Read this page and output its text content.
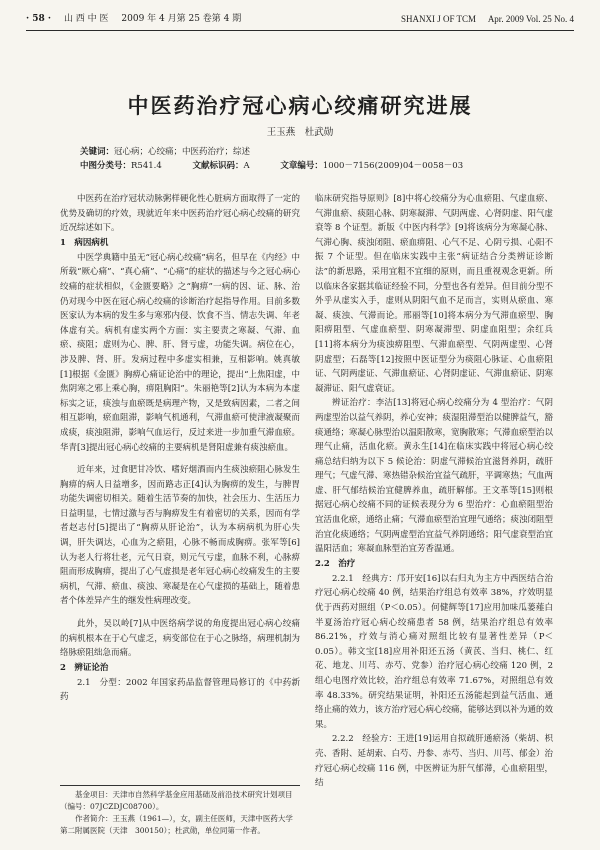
· 58 · 山 西 中 医 2009 年 4 月第 25 卷第 4 期	SHANXI J OF TCM Apr. 2009 Vol. 25 No. 4
中医药治疗冠心病心绞痛研究进展
王玉燕　杜武勋
关键词：冠心病；心绞痛；中医药治疗；综述
中图分类号：R541.4	文献标识码：A	文章编号：1000－7156(2009)04－0058－03

中医药在治疗冠状动脉粥样硬化性心脏病方面取得了一定的优势及确切的疗效，现就近年来中医药治疗冠心病心绞痛的研究近况综述如下。

1　病因病机

中医学典籍中虽无“冠心病心绞痛”病名，但早在《内经》中所载“厥心痛”、“真心痛”、“心痛”的症状的描述与今之冠心病心绞痛的症状相似，《金匮要略》之“胸痹”一病的因、证、脉、治仍对现今中医在冠心病心绞痛的诊断治疗起指导作用。目前多数医家认为本病的发生多与寒邪内侵、饮食不当、情志失调、年老体虚有关。病机有虚实两个方面：实主要责之寒凝、气滞、血瘀、痰阻；虚则为心、脾、肝、肾亏虚，功能失调。病位在心，涉及脾、肾、肝。发病过程中多虚实相兼，互相影响。姚真敏[1]根据《金匮》胸痹心痛证论治中的理论，提出“上焦阳虚，中焦阴寒之邪上乘心胸，痹阻胸阳”。朱丽艳等[2]认为本病为本虚标实之证，痰浊与血瘀既是病理产物，又是致病因素，二者之间相互影响，瘀血阻滞，影响气机通利，气滞血瘀可使津液凝聚而成痰，痰浊阻滞，影响气血运行，反过来进一步加重气滞血瘀。华青[3]提出冠心病心绞痛的主要病机是肾阳虚兼有痰浊瘀血。

近年来，过食肥甘冷饮、嗜好烟酒而内生痰浊瘀阻心脉发生胸痹的病人日益增多，因而路志正[4]认为胸痹的发生，与脾胃功能失调密切相关。随着生活节奏的加快，社会压力、生活压力日益明显，七情过激与否与胸痹发生有着密切的关系，因而有学者赵志付[5]提出了“胸痹从肝论治”，认为本病病机为肝心失调，肝失调达，心血为之瘀阻，心脉不畅而成胸痹。张军等[6]认为老人行将壮老，元气日衰，则元气亏虚，血脉不利，心脉痹阻而形成胸痹，提出了心气虚损是老年冠心病心绞痛发生的主要病机，气滞、瘀血、痰浊、寒凝是在心气虚损的基础上，随着患者个体差异产生的继发性病理改变。

此外，吴以岭[7]从中医络病学说的角度提出冠心病心绞痛的病机根本在于心气虚乏，病变部位在于心之脉络，病理机制为络脉瘀阻绌急而痛。

2　辨证论治

2.1　分型：2002 年国家药品监督管理局修订的《中药新药

基金项目：天津市自然科学基金应用基础及前沿技术研究计划项目（编号：07JCZDJC08700）。

作者简介：王玉燕（1961—），女，副主任医师，天津中医药大学第二附属医院（天津　300150）；杜武勋，单位同第一作者。

临床研究指导原则》[8]中将心绞痛分为心血瘀阻、气虚血瘀、气滞血瘀、痰阻心脉、阴寒凝滞、气阴两虚、心肾阴虚、阳气虚衰等 8 个证型。新版《中医内科学》[9]将该病分为寒凝心脉、气滞心胸、痰浊闭阻、瘀血痹阻、心气不足、心阴亏损、心阳不振 7 个证型。但在临床实践中主张“病证结合分类辨证诊断法”的新思路，采用宜粗不宜细的原则，而且重视观念更新。所以临床各家据其临证经验不同，分型也各有差异。但目前分型不外乎从虚实入手，虚则从阴阳气血不足而言，实则从瘀血、寒凝、痰浊、气滞而论。邢丽等[10]将本病分为气滞血瘀型、胸阳痹阻型、气虚血瘀型、阴寒凝滞型、阴虚血阻型；余红兵[11]将本病分为痰浊痹阻型、气滞血瘀型、气阴两虚型、心肾阴虚型；石磊等[12]按照中医证型分为痰阻心脉证、心血瘀阻证、气阴两虚证、气滞血瘀证、心肾阴虚证、气滞血瘀证、阴寒凝滞证、阳气虚衰证。

辨证治疗：李洁[13]将冠心病心绞痛分为 4 型治疗：气阴两虚型治以益气养阴，养心安神；痰湿阻滞型治以健脾益气，豁痰通络；寒凝心脉型治以温阳散寒，宽胸散寒；气滞血瘀型治以理气止痛，活血化瘀。黄永生[14]在临床实践中将冠心病心绞痛总结归纳为以下 5 候论治：阴虚气滞候治宜滋肾养阴，疏肝理气；气虚气滞、寒热错杂候治宜益气疏肝，平调寒热；气血两虚、肝气郁结候治宜健脾养血，疏肝解郁。王文革等[15]则根据冠心病心绞痛不同的证候表现分为 6 型治疗：心血瘀阻型治宜活血化瘀，通络止痛；气滞血瘀型治宜理气通络；痰浊闭阻型治宜化痰通络；气阴两虚型治宜益气养阴通络；阳气虚衰型治宜温阳活血；寒凝血脉型治宜芳香温通。

2.2　治疗

2.2.1　经典方：邝开安[16]以右归丸为主方中西医结合治疗冠心病心绞痛 40 例，结果治疗组总有效率 38%，疗效明显优于西药对照组（P＜0.05）。何健辉等[17]应用加味瓜蒌薤白半夏汤治疗冠心病心绞痛患者 58 例，结果治疗组总有效率 86.21%，疗效与消心痛对照组比较有显著性差异（P＜0.05）。韩文宝[18]应用补阳还五汤（黄芪、当归、桃仁、红花、地龙、川芎、赤芍、党参）治疗冠心病心绞痛 120 例，2 组心电图疗效比较，治疗组总有效率 71.67%，对照组总有效率 48.33%。研究结果证明，补阳还五汤能起到益气活血、通络止痛的效力，该方治疗冠心病心绞痛，能够达到以补为通的效果。

2.2.2　经验方：王进[19]运用自拟疏肝通瘀汤（柴胡、枳壳、香附、延胡索、白芍、丹参、赤芍、当归、川芎、郁金）治疗冠心病心绞痛 116 例，中医辨证为肝气郁滞，心血瘀阻型，结
